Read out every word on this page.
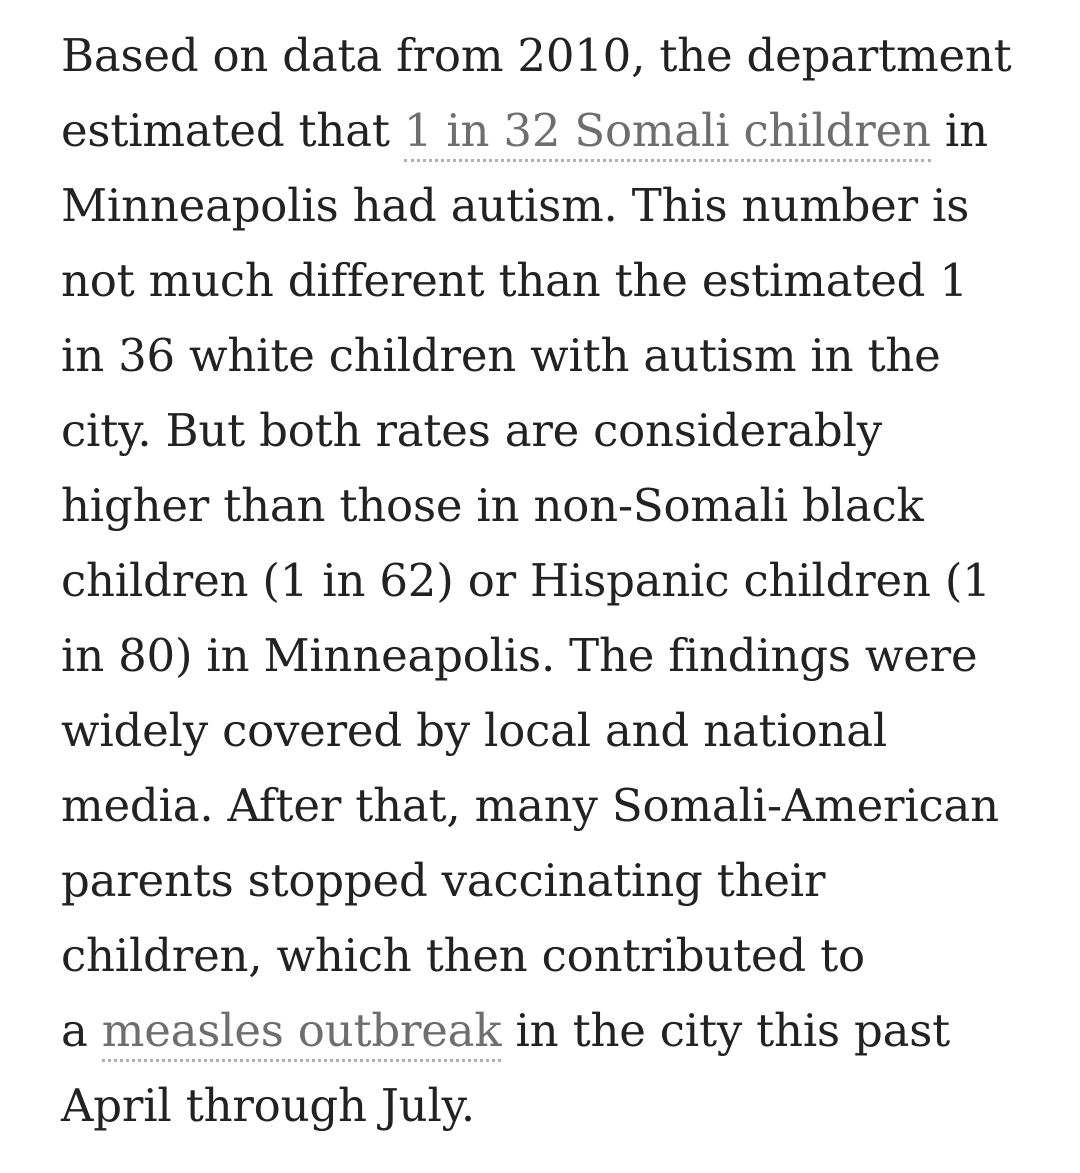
Based on data from 2010, the department
estimated that 1 in 32 Somali children in
Minneapolis had autism. This number is
not much different than the estimated 1
in 36 white children with autism in the
city. But both rates are considerably
higher than those in non-Somali black
children (1 in 62) or Hispanic children (1
in 80) in Minneapolis. The findings were
widely covered by local and national
media. After that, many Somali-American
parents stopped vaccinating their
children, which then contributed to
a measles outbreak in the city this past
April through July.
